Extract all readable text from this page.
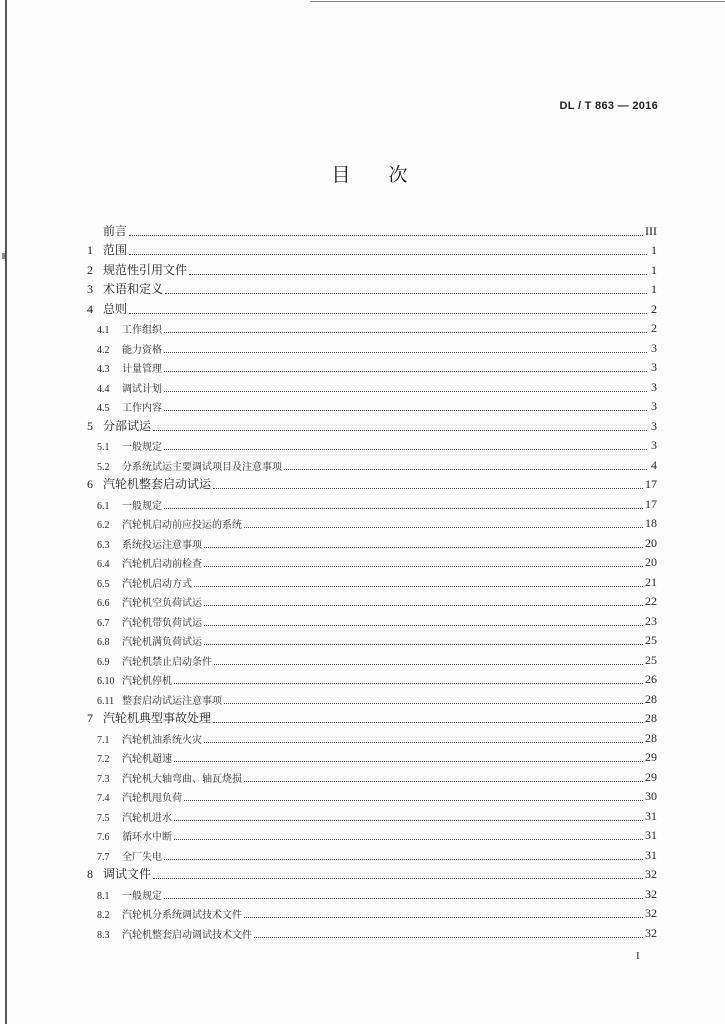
DL / T 863 — 2016
目　　次
前言	III
1 范围	1
2 规范性引用文件	1
3 术语和定义	1
4 总则	2
4.1	工作组织	2
4.2	能力资格	3
4.3	计量管理	3
4.4	调试计划	3
4.5	工作内容	3
5 分部试运	3
5.1	一般规定	3
5.2	分系统试运主要调试项目及注意事项	4
6 汽轮机整套启动试运	17
6.1	一般规定	17
6.2	汽轮机启动前应投运的系统	18
6.3	系统投运注意事项	20
6.4	汽轮机启动前检查	20
6.5	汽轮机启动方式	21
6.6	汽轮机空负荷试运	22
6.7	汽轮机带负荷试运	23
6.8	汽轮机满负荷试运	25
6.9	汽轮机禁止启动条件	25
6.10 汽轮机停机	26
6.11 整套启动试运注意事项	28
7 汽轮机典型事故处理	28
7.1	汽轮机油系统火灾	28
7.2	汽轮机超速	29
7.3	汽轮机大轴弯曲、轴瓦烧损	29
7.4	汽轮机甩负荷	30
7.5	汽轮机进水	31
7.6	循环水中断	31
7.7	全厂失电	31
8 调试文件	32
8.1	一般规定	32
8.2	汽轮机分系统调试技术文件	32
8.3	汽轮机整套启动调试技术文件	32
I
